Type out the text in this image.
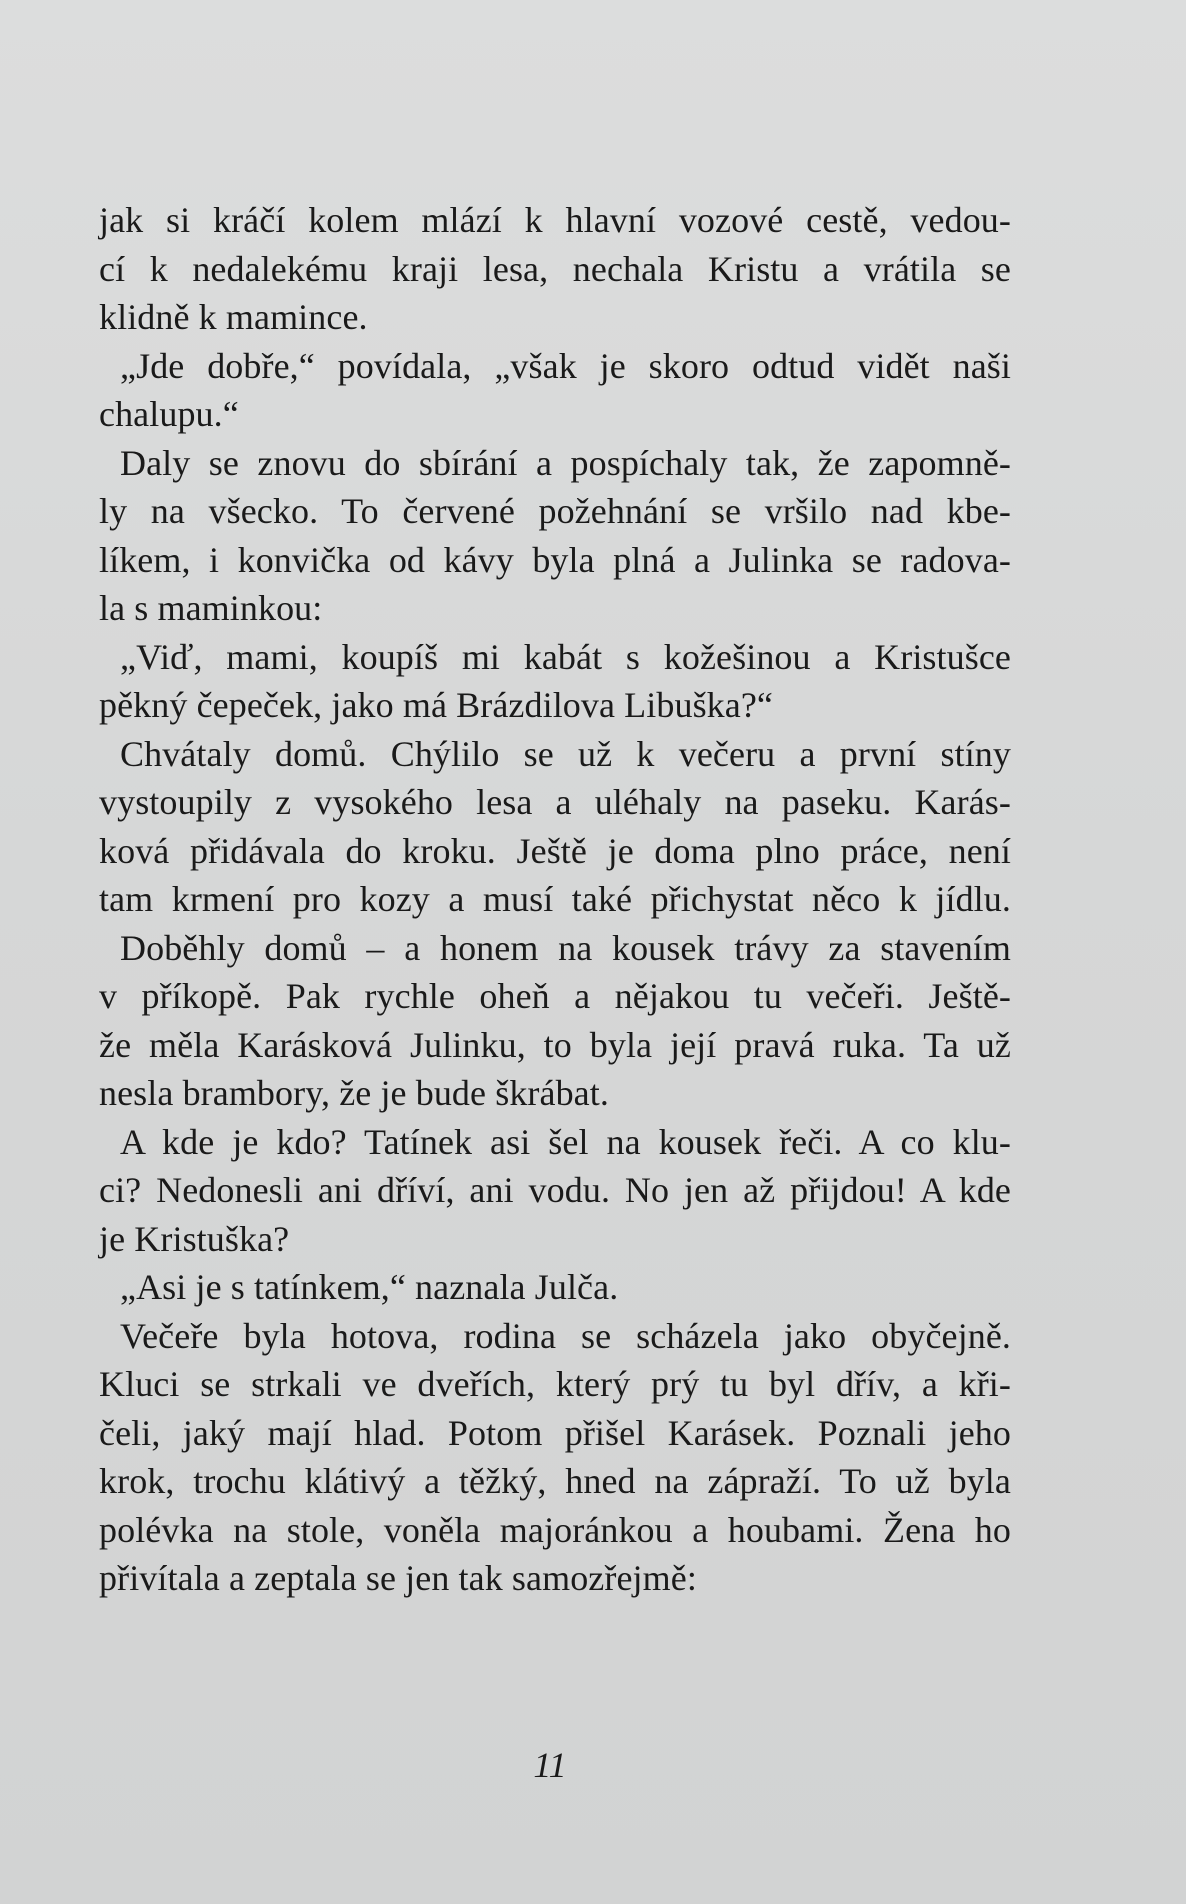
jak si kráčí kolem mlází k hlavní vozové cestě, vedou-
cí k nedalekému kraji lesa, nechala Kristu a vrátila se
klidně k mamince.
„Jde dobře,“ povídala, „však je skoro odtud vidět naši
chalupu.“
Daly se znovu do sbírání a pospíchaly tak, že zapomně-
ly na všecko. To červené požehnání se vršilo nad kbe-
líkem, i konvička od kávy byla plná a Julinka se radova-
la s maminkou:
„Viď, mami, koupíš mi kabát s kožešinou a Kristušce
pěkný čepeček, jako má Brázdilova Libuška?“
Chvátaly domů. Chýlilo se už k večeru a první stíny
vystoupily z vysokého lesa a uléhaly na paseku. Karás-
ková přidávala do kroku. Ještě je doma plno práce, není
tam krmení pro kozy a musí také přichystat něco k jídlu.
Doběhly domů – a honem na kousek trávy za stavením
v příkopě. Pak rychle oheň a nějakou tu večeři. Ještě-
že měla Karásková Julinku, to byla její pravá ruka. Ta už
nesla brambory, že je bude škrábat.
A kde je kdo? Tatínek asi šel na kousek řeči. A co klu-
ci? Nedonesli ani dříví, ani vodu. No jen až přijdou! A kde
je Kristuška?
„Asi je s tatínkem,“ naznala Julča.
Večeře byla hotova, rodina se scházela jako obyčejně.
Kluci se strkali ve dveřích, který prý tu byl dřív, a kři-
čeli, jaký mají hlad. Potom přišel Karásek. Poznali jeho
krok, trochu klátivý a těžký, hned na zápraží. To už byla
polévka na stole, voněla majoránkou a houbami. Žena ho
přivítala a zeptala se jen tak samozřejmě:
11
